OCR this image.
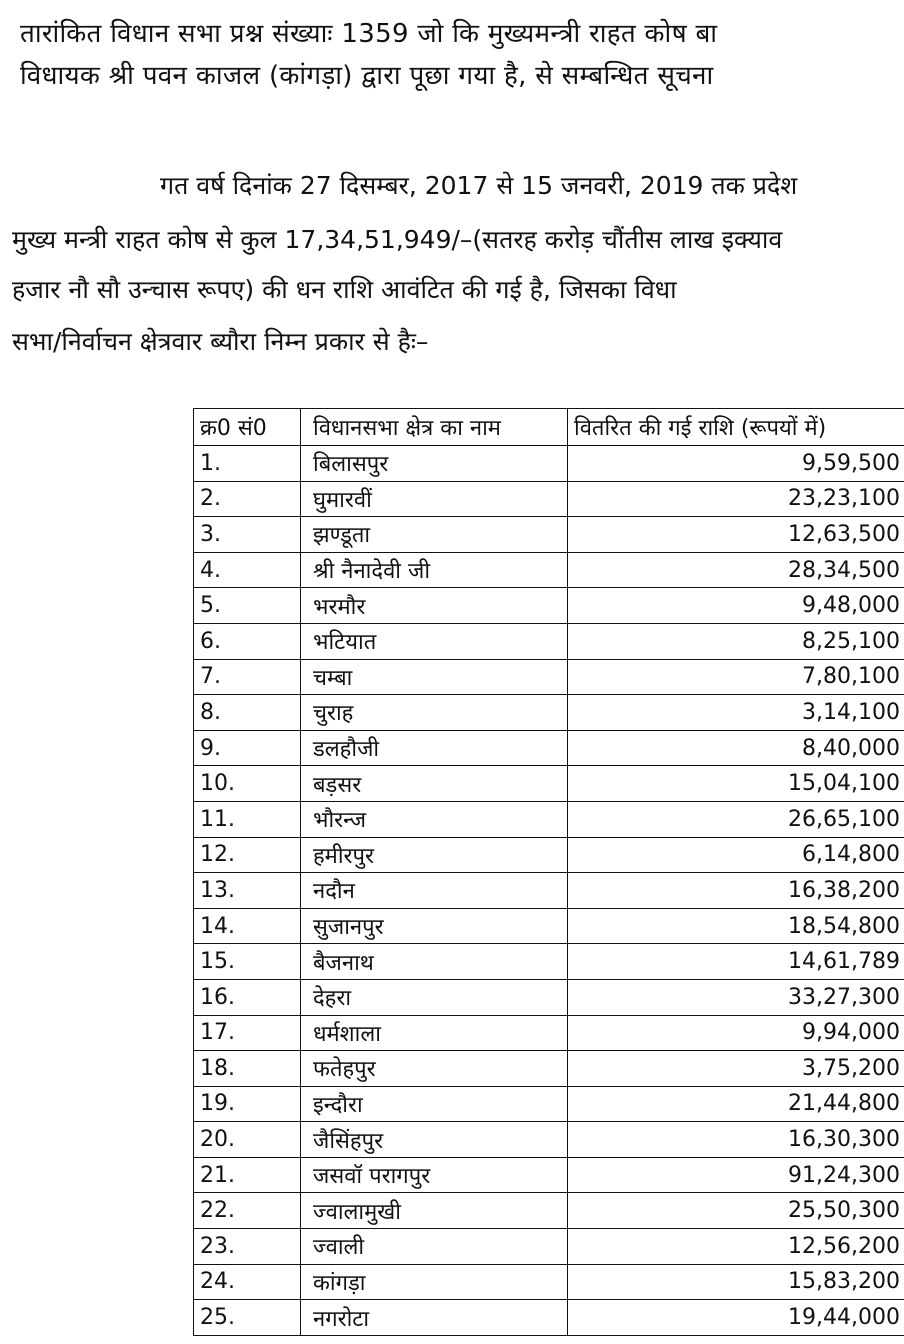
तारांकित विधान सभा प्रश्न संख्याः 1359 जो कि मुख्यमन्त्री राहत कोष बा
विधायक श्री पवन काजल (कांगड़ा) द्वारा पूछा गया है, से सम्बन्धित सूचना
गत वर्ष दिनांक 27 दिसम्बर, 2017 से 15 जनवरी, 2019 तक प्रदेश
मुख्य मन्त्री राहत कोष से कुल 17,34,51,949/–(सतरह करोड़ चौंतीस लाख इक्याव
हजार नौ सौ उन्चास रूपए) की धन राशि आवंटित की गई है, जिसका विधा
सभा/निर्वाचन क्षेत्रवार ब्यौरा निम्न प्रकार से हैः–
क्र0 सं0	विधानसभा क्षेत्र का नाम	वितरित की गई राशि (रूपयों में)
1.	बिलासपुर	9,59,500
2.	घुमारवीं	23,23,100
3.	झण्डूता	12,63,500
4.	श्री नैनादेवी जी	28,34,500
5.	भरमौर	9,48,000
6.	भटियात	8,25,100
7.	चम्बा	7,80,100
8.	चुराह	3,14,100
9.	डलहौजी	8,40,000
10.	बड़सर	15,04,100
11.	भौरन्ज	26,65,100
12.	हमीरपुर	6,14,800
13.	नदौन	16,38,200
14.	सुजानपुर	18,54,800
15.	बैजनाथ	14,61,789
16.	देहरा	33,27,300
17.	धर्मशाला	9,94,000
18.	फतेहपुर	3,75,200
19.	इन्दौरा	21,44,800
20.	जैसिंहपुर	16,30,300
21.	जसवॉ परागपुर	91,24,300
22.	ज्वालामुखी	25,50,300
23.	ज्वाली	12,56,200
24.	कांगड़ा	15,83,200
25.	नगरोटा	19,44,000
